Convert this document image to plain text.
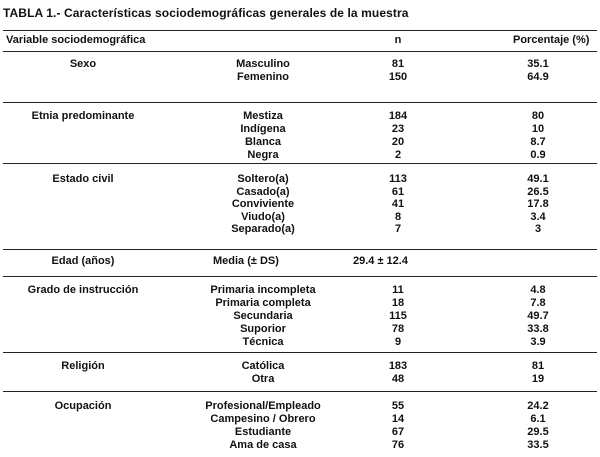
TABLA 1.- Características sociodemográficas generales de la muestra
Variable sociodemográfica	n	Porcentaje (%)
Sexo	Masculino	81	35.1
Femenino	150	64.9
Etnia predominante	Mestiza	184	80
Indígena	23	10
Blanca	20	8.7
Negra	2	0.9
Estado civil	Soltero(a)	113	49.1
Casado(a)	61	26.5
Conviviente	41	17.8
Viudo(a)	8	3.4
Separado(a)	7	3
Edad (años)	Media (± DS)	29.4 ± 12.4
Grado de instrucción	Primaria incompleta	11	4.8
Primaria completa	18	7.8
Secundaria	115	49.7
Suporior	78	33.8
Técnica	9	3.9
Religión	Católica	183	81
Otra	48	19
Ocupación	Profesional/Empleado	55	24.2
Campesino / Obrero	14	6.1
Estudiante	67	29.5
Ama de casa	76	33.5
